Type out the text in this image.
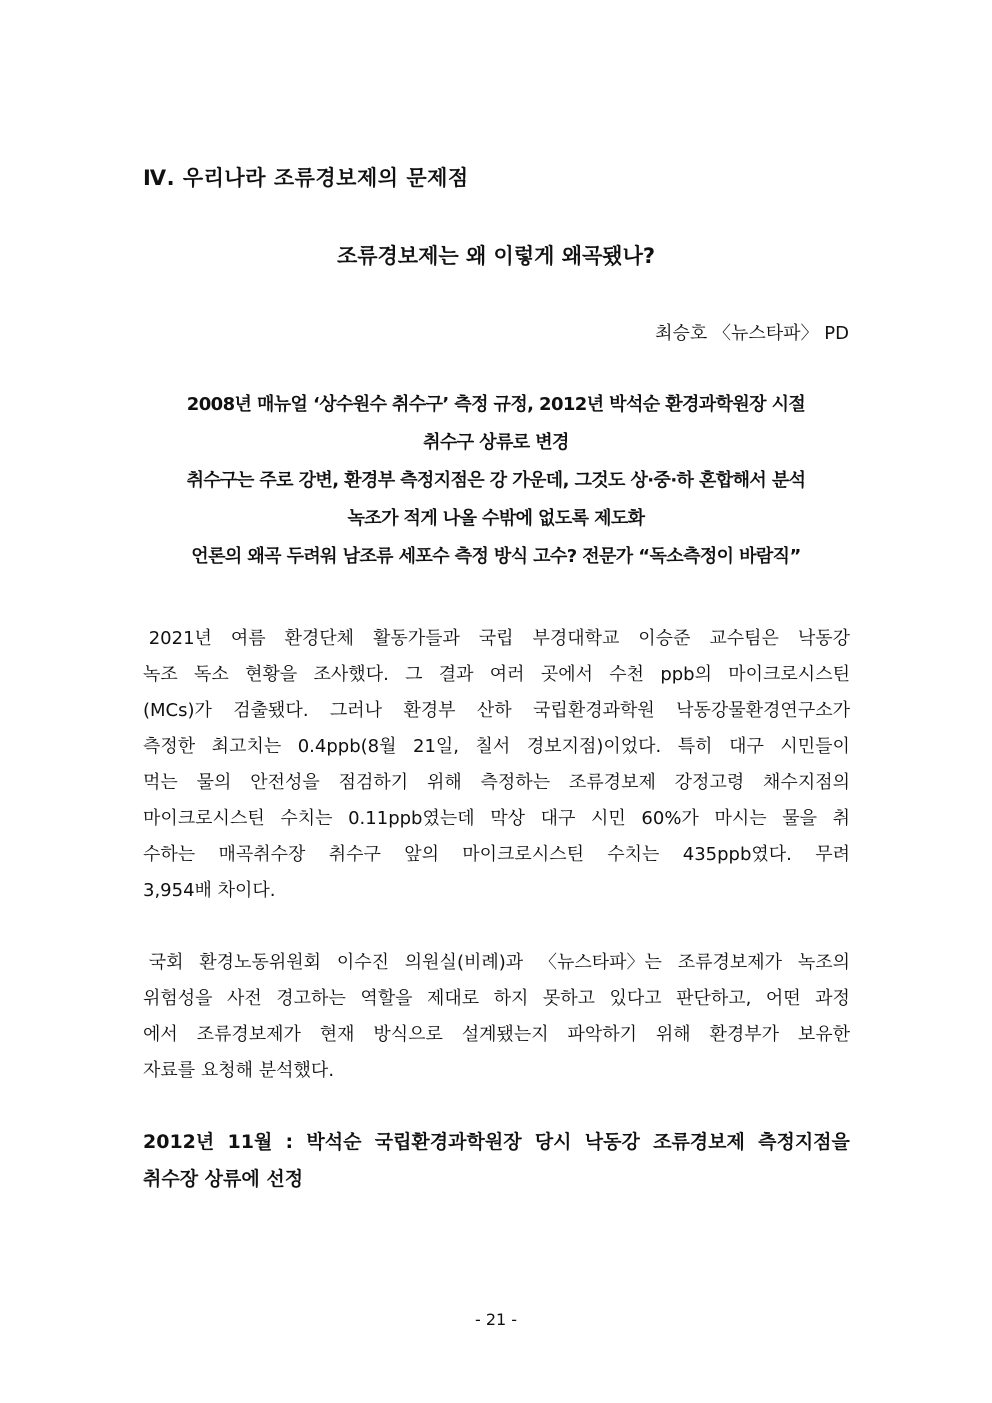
Ⅳ. 우리나라 조류경보제의 문제점
조류경보제는 왜 이렇게 왜곡됐나?
최승호 〈뉴스타파〉 PD
2008년 매뉴얼 ‘상수원수 취수구’ 측정 규정, 2012년 박석순 환경과학원장 시절
취수구 상류로 변경
취수구는 주로 강변, 환경부 측정지점은 강 가운데, 그것도 상·중·하 혼합해서 분석
녹조가 적게 나올 수밖에 없도록 제도화
언론의 왜곡 두려워 남조류 세포수 측정 방식 고수? 전문가 “독소측정이 바람직”
2021년 여름 환경단체 활동가들과 국립 부경대학교 이승준 교수팀은 낙동강
녹조 독소 현황을 조사했다. 그 결과 여러 곳에서 수천 ppb의 마이크로시스틴
(MCs)가 검출됐다. 그러나 환경부 산하 국립환경과학원 낙동강물환경연구소가
측정한 최고치는 0.4ppb(8월 21일, 칠서 경보지점)이었다. 특히 대구 시민들이
먹는 물의 안전성을 점검하기 위해 측정하는 조류경보제 강정고령 채수지점의
마이크로시스틴 수치는 0.11ppb였는데 막상 대구 시민 60%가 마시는 물을 취
수하는 매곡취수장 취수구 앞의 마이크로시스틴 수치는 435ppb였다. 무려
3,954배 차이다.
국회 환경노동위원회 이수진 의원실(비례)과 〈뉴스타파〉는 조류경보제가 녹조의
위험성을 사전 경고하는 역할을 제대로 하지 못하고 있다고 판단하고, 어떤 과정
에서 조류경보제가 현재 방식으로 설계됐는지 파악하기 위해 환경부가 보유한
자료를 요청해 분석했다.
2012년 11월 : 박석순 국립환경과학원장 당시 낙동강 조류경보제 측정지점을
취수장 상류에 선정
- 21 -
